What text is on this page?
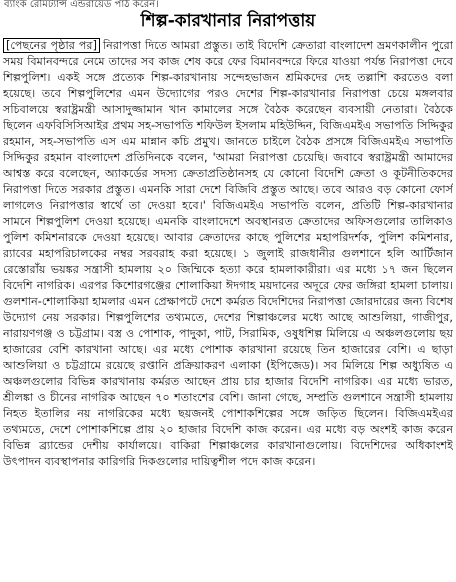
ব্যাংক রেমিট্যান্স এন্ডরায়েড পাঠ করেন।
শিল্প-কারখানার নিরাপত্তায়
[পেছনের পৃষ্ঠার পর] নিরাপত্তা দিতে আমরা প্রস্তুত। তাই বিদেশি ক্রেতারা বাংলাদেশ ভ্রমণকালীন পুরো সময় বিমানবন্দরে নেমে তাদের সব কাজ শেষ করে ফের বিমানবন্দরে ফিরে যাওয়া পর্যন্ত নিরাপত্তা দেবে শিল্পপুলিশ। একই সঙ্গে প্রত্যেক শিল্প-কারখানায় সন্দেহভাজন শ্রমিকদের দেহ তল্লাশি করতেও বলা হয়েছে। তবে শিল্পপুলিশের এমন উদ্যোগের পরও দেশের শিল্প-কারখানার নিরাপত্তা চেয়ে মঙ্গলবার সচিবালয়ে স্বরাষ্ট্রমন্ত্রী আসাদুজ্জামান খান কামালের সঙ্গে বৈঠক করেছেন ব্যবসায়ী নেতারা। বৈঠকে ছিলেন এফবিসিসিআইর প্রথম সহ-সভাপতি শফিউল ইসলাম মহিউদ্দিন, বিজিএমইএ সভাপতি সিদ্দিকুর রহমান, সহ-সভাপতি এস এম মান্নান কচি প্রমুখ। জানতে চাইলে বৈঠক প্রসঙ্গে বিজিএমইএ সভাপতি সিদ্দিকুর রহমান বাংলাদেশ প্রতিদিনকে বলেন, 'আমরা নিরাপত্তা চেয়েছি। জবাবে স্বরাষ্ট্রমন্ত্রী আমাদের আশ্বস্ত করে বলেছেন, অ্যাকর্ডের সদস্য ক্রেতাপ্রতিষ্ঠানসহ যে কোনো বিদেশি ক্রেতা ও কূটনীতিকদের নিরাপত্তা দিতে সরকার প্রস্তুত। এমনকি সারা দেশে বিজিবি প্রস্তুত আছে। তবে আরও বড় কোনো ফোর্স লাগলেও নিরাপত্তার স্বার্থে তা দেওয়া হবে।' বিজিএমইএ সভাপতি বলেন, প্রতিটি শিল্প-কারখানার সামনে শিল্পপুলিশ দেওয়া হয়েছে। এমনকি বাংলাদেশে অবস্থানরত ক্রেতাদের অফিসগুলোর তালিকাও পুলিশ কমিশনারকে দেওয়া হয়েছে। আবার ক্রেতাদের কাছে পুলিশের মহাপরিদর্শক, পুলিশ কমিশনার, র‍্যাবের মহাপরিচালকের নম্বর সরবরাহ করা হয়েছে। ১ জুলাই রাজধানীর গুলশানে হলি আর্টিজান রেস্তোরাঁয় ভয়ঙ্কর সন্ত্রাসী হামলায় ২০ জিম্মিকে হত্যা করে হামলাকারীরা। এর মধ্যে ১৭ জন ছিলেন বিদেশি নাগরিক। এরপর কিশোরগঞ্জের শোলাকিয়া ঈদগাহ ময়দানের অদূরে ফের জঙ্গিরা হামলা চালায়। গুলশান-শোলাকিয়া হামলার এমন প্রেক্ষাপটে দেশে কর্মরত বিদেশিদের নিরাপত্তা জোরদারের জন্য বিশেষ উদ্যোগ নেয় সরকার। শিল্পপুলিশের তথ্যমতে, দেশের শিল্পাঞ্চলের মধ্যে আছে আশুলিয়া, গাজীপুর, নারায়ণগঞ্জ ও চট্টগ্রাম। বস্ত্র ও পোশাক, পাদুকা, পাট, সিরামিক, ওষুধশিল্প মিলিয়ে এ অঞ্চলগুলোয় ছয় হাজারের বেশি কারখানা আছে। এর মধ্যে পোশাক কারখানা রয়েছে তিন হাজারের বেশি। এ ছাড়া আশুলিয়া ও চট্টগ্রামে রয়েছে রপ্তানি প্রক্রিয়াকরণ এলাকা (ইপিজেড)। সব মিলিয়ে শিল্প অধ্যুষিত এ অঞ্চলগুলোর বিভিন্ন কারখানায় কর্মরত আছেন প্রায় চার হাজার বিদেশি নাগরিক। এর মধ্যে ভারত, শ্রীলঙ্কা ও চীনের নাগরিক আছেন ৭০ শতাংশের বেশি। জানা গেছে, সম্প্রতি গুলশানে সন্ত্রাসী হামলায় নিহত ইতালির নয় নাগরিকের মধ্যে ছয়জনই পোশাকশিল্পের সঙ্গে জড়িত ছিলেন। বিজিএমইএর তথ্যমতে, দেশে পোশাকশিল্পে প্রায় ২০ হাজার বিদেশি কাজ করেন। এর মধ্যে বড় অংশই কাজ করেন বিভিন্ন ব্র্যান্ডের দেশীয় কার্যালয়ে। বাকিরা শিল্পাঞ্চলের কারখানাগুলোয়। বিদেশিদের অধিকাংশই উৎপাদন ব্যবস্থাপনার কারিগরি দিকগুলোর দায়িত্বশীল পদে কাজ করেন।
